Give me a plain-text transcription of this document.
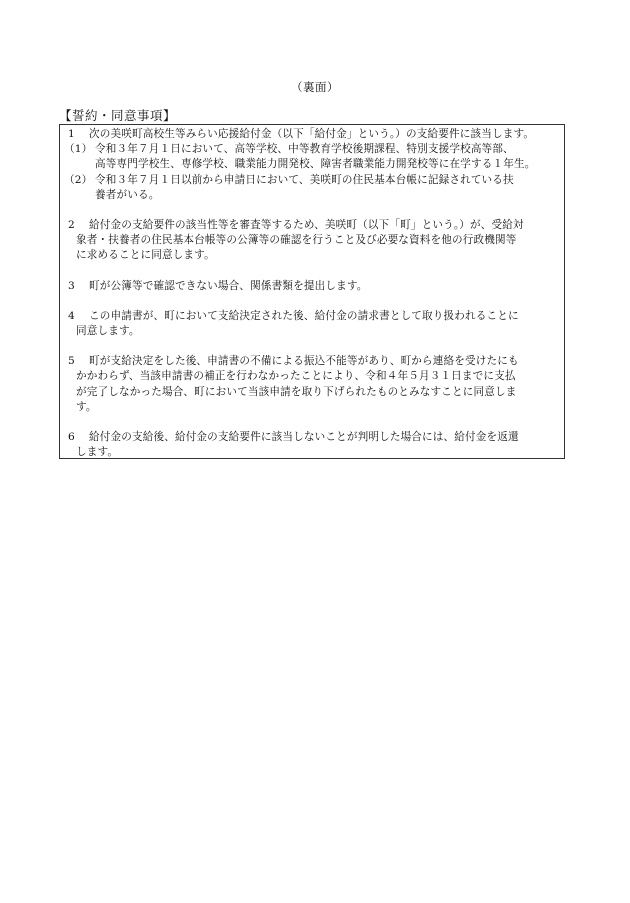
（裏面）
【誓約・同意事項】
1 次の美咲町高校生等みらい応援給付金（以下「給付金」という。）の支給要件に該当します。
（1） 令和３年７月１日において、高等学校、中等教育学校後期課程、特別支援学校高等部、
高等専門学校生、専修学校、職業能力開発校、障害者職業能力開発校等に在学する１年生。
（2） 令和３年７月１日以前から申請日において、美咲町の住民基本台帳に記録されている扶
養者がいる。
2 給付金の支給要件の該当性等を審査等するため、美咲町（以下「町」という。）が、受給対
象者・扶養者の住民基本台帳等の公簿等の確認を行うこと及び必要な資料を他の行政機関等
に求めることに同意します。
3 町が公簿等で確認できない場合、関係書類を提出します。
4 この申請書が、町において支給決定された後、給付金の請求書として取り扱われることに
同意します。
5 町が支給決定をした後、申請書の不備による振込不能等があり、町から連絡を受けたにも
かかわらず、当該申請書の補正を行わなかったことにより、令和４年５月３１日までに支払
が完了しなかった場合、町において当該申請を取り下げられたものとみなすことに同意しま
す。
6 給付金の支給後、給付金の支給要件に該当しないことが判明した場合には、給付金を返還
します。
